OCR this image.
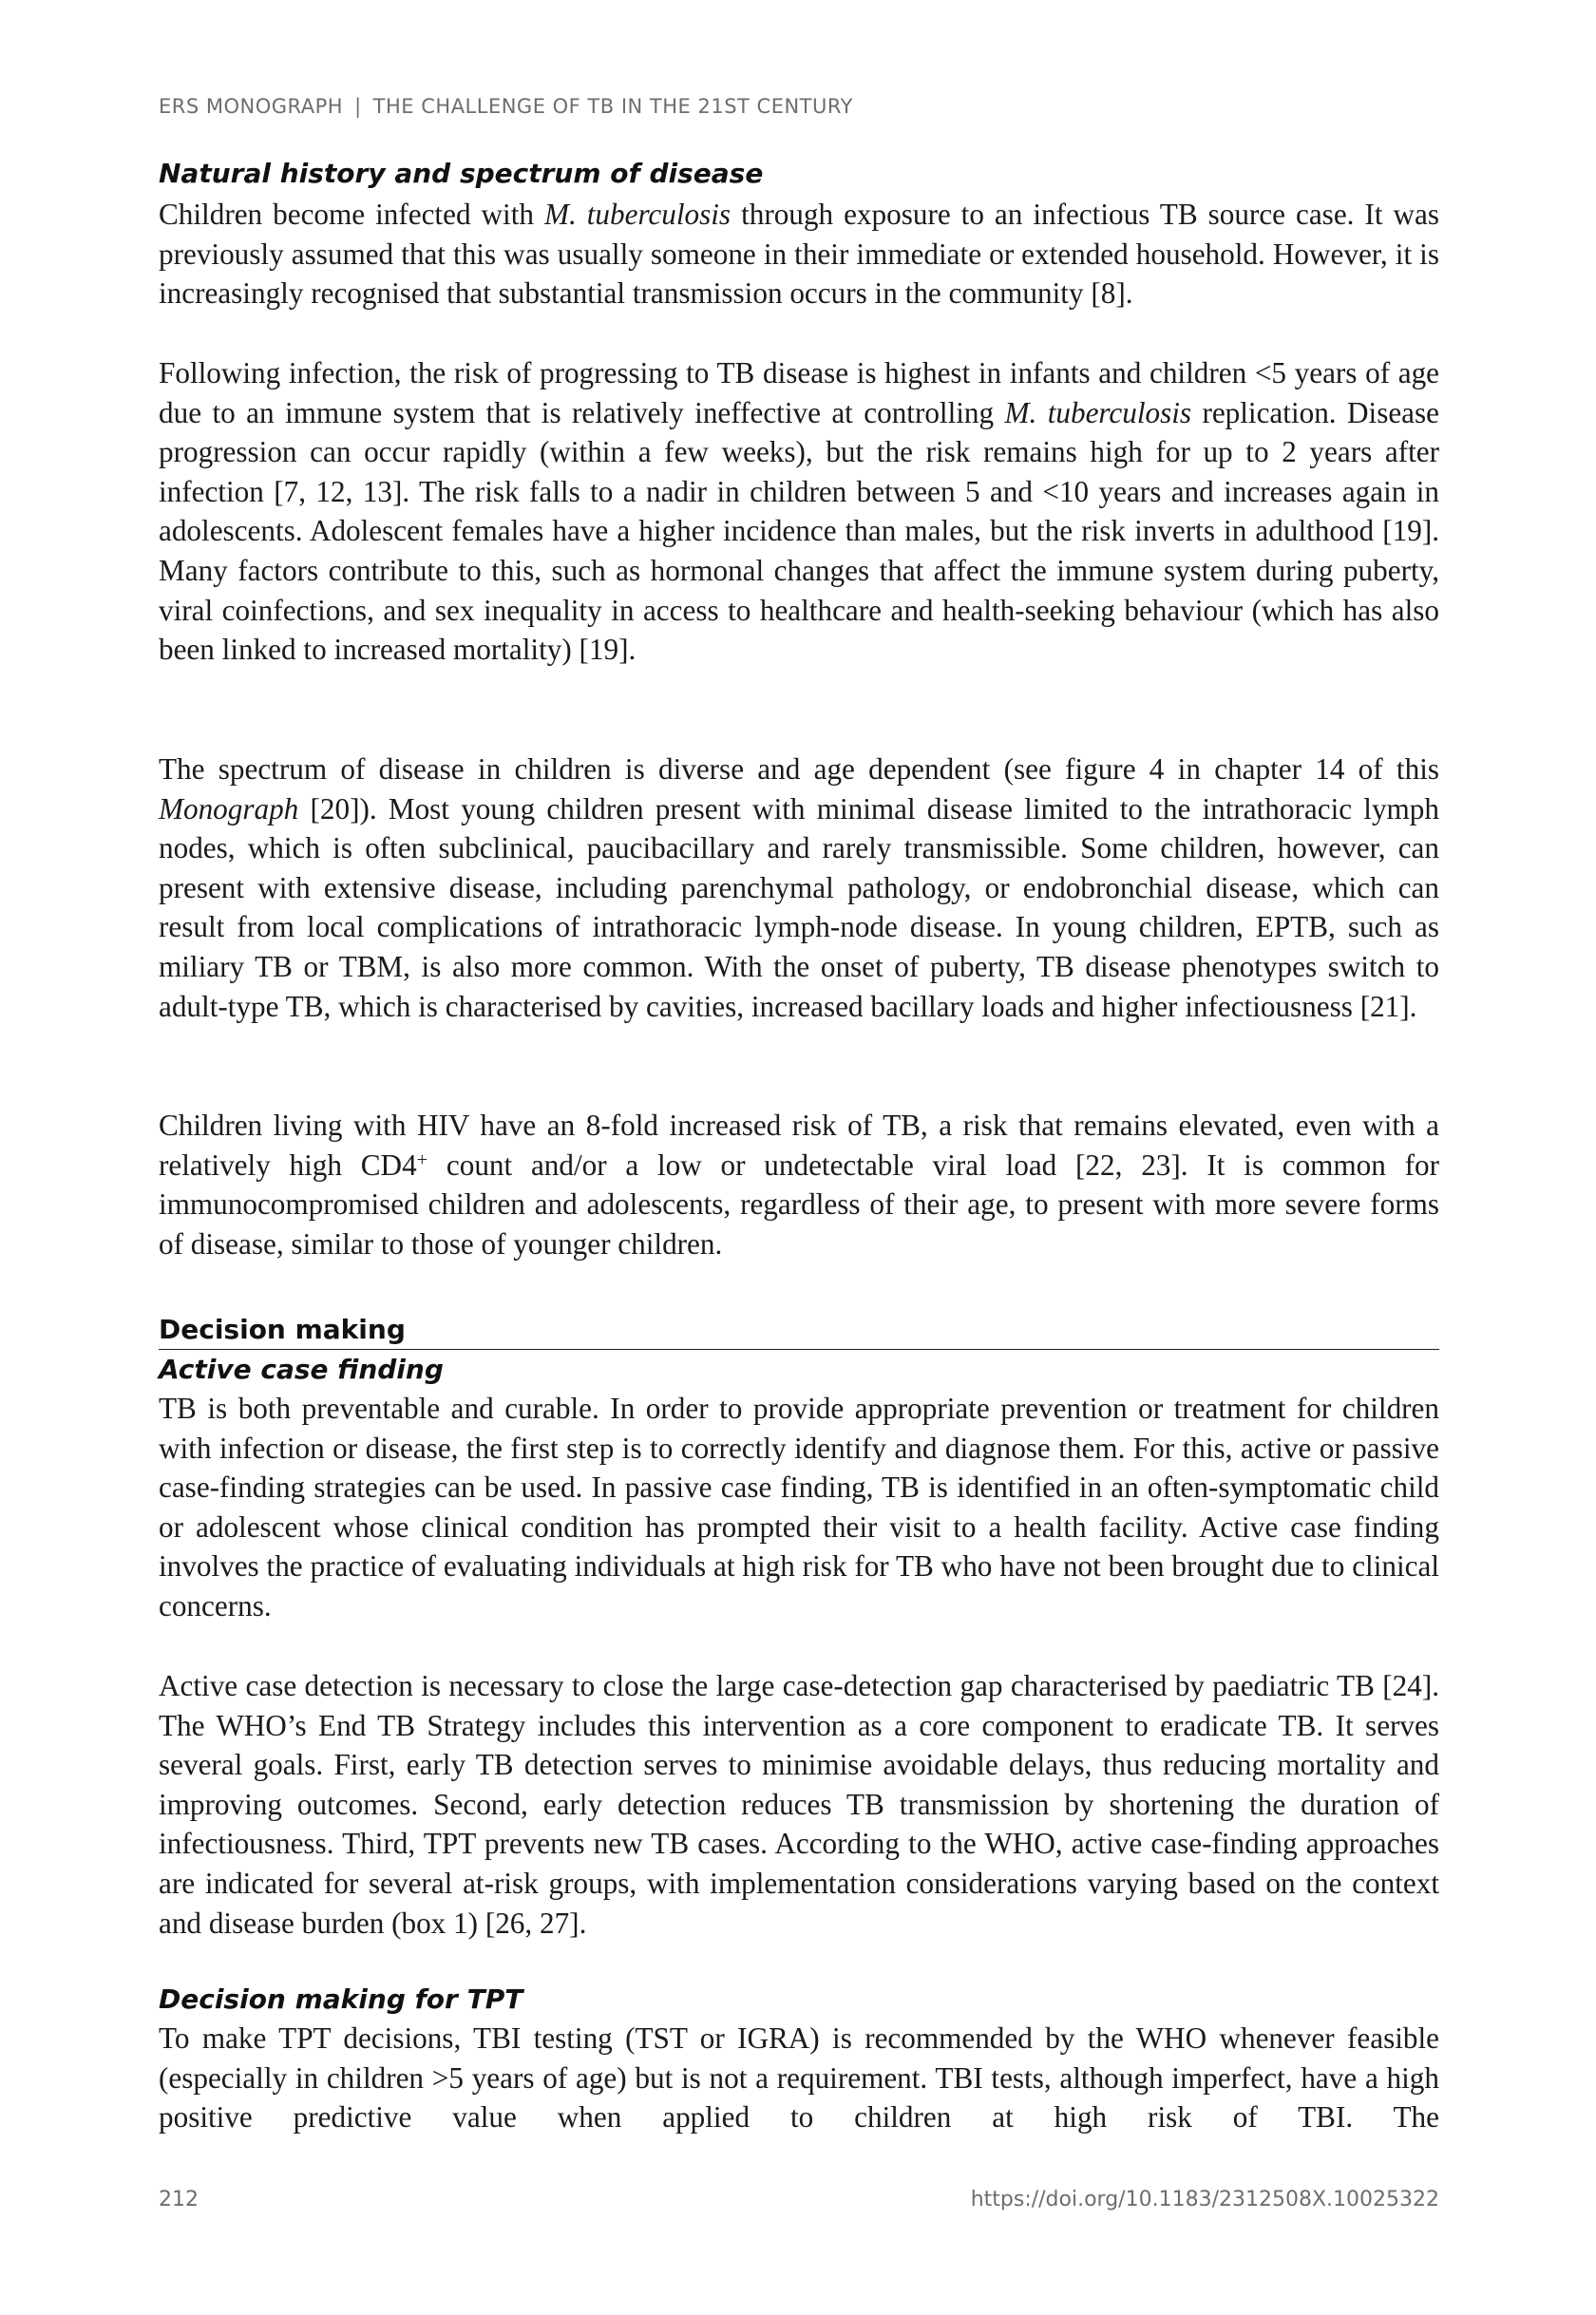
ERS MONOGRAPH | THE CHALLENGE OF TB IN THE 21ST CENTURY
Natural history and spectrum of disease

Children become infected with M. tuberculosis through exposure to an infectious TB source case. It was previously assumed that this was usually someone in their immediate or extended household. However, it is increasingly recognised that substantial transmission occurs in the community [8].

Following infection, the risk of progressing to TB disease is highest in infants and children <5 years of age due to an immune system that is relatively ineffective at controlling M. tuberculosis replication. Disease progression can occur rapidly (within a few weeks), but the risk remains high for up to 2 years after infection [7, 12, 13]. The risk falls to a nadir in children between 5 and <10 years and increases again in adolescents. Adolescent females have a higher incidence than males, but the risk inverts in adulthood [19]. Many factors contribute to this, such as hormonal changes that affect the immune system during puberty, viral coinfections, and sex inequality in access to healthcare and health-seeking behaviour (which has also been linked to increased mortality) [19].

The spectrum of disease in children is diverse and age dependent (see figure 4 in chapter 14 of this Monograph [20]). Most young children present with minimal disease limited to the intrathoracic lymph nodes, which is often subclinical, paucibacillary and rarely transmissible. Some children, however, can present with extensive disease, including parenchymal pathology, or endobronchial disease, which can result from local complications of intrathoracic lymph-node disease. In young children, EPTB, such as miliary TB or TBM, is also more common. With the onset of puberty, TB disease phenotypes switch to adult-type TB, which is characterised by cavities, increased bacillary loads and higher infectiousness [21].

Children living with HIV have an 8-fold increased risk of TB, a risk that remains elevated, even with a relatively high CD4+ count and/or a low or undetectable viral load [22, 23]. It is common for immunocompromised children and adolescents, regardless of their age, to present with more severe forms of disease, similar to those of younger children.

Decision making
Active case finding

TB is both preventable and curable. In order to provide appropriate prevention or treatment for children with infection or disease, the first step is to correctly identify and diagnose them. For this, active or passive case-finding strategies can be used. In passive case finding, TB is identified in an often-symptomatic child or adolescent whose clinical condition has prompted their visit to a health facility. Active case finding involves the practice of evaluating individuals at high risk for TB who have not been brought due to clinical concerns.

Active case detection is necessary to close the large case-detection gap characterised by paediatric TB [24]. The WHO’s End TB Strategy includes this intervention as a core component to eradicate TB. It serves several goals. First, early TB detection serves to minimise avoidable delays, thus reducing mortality and improving outcomes. Second, early detection reduces TB transmission by shortening the duration of infectiousness. Third, TPT prevents new TB cases. According to the WHO, active case-finding approaches are indicated for several at-risk groups, with implementation considerations varying based on the context and disease burden (box 1) [26, 27].

Decision making for TPT

To make TPT decisions, TBI testing (TST or IGRA) is recommended by the WHO whenever feasible (especially in children >5 years of age) but is not a requirement. TBI tests, although imperfect, have a high positive predictive value when applied to children at high risk of TBI. The

212	https://doi.org/10.1183/2312508X.10025322
